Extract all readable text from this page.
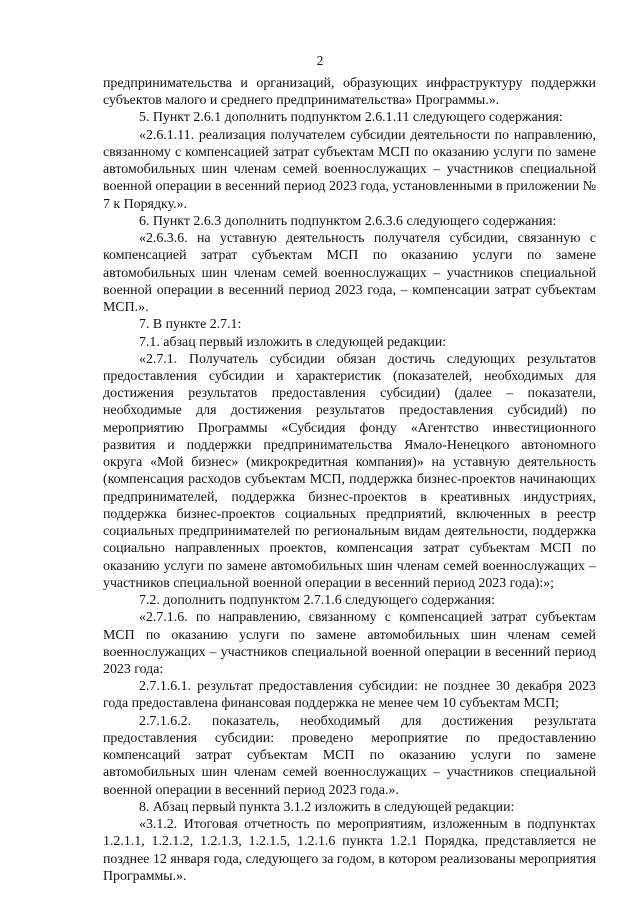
2

предпринимательства и организаций, образующих инфраструктуру поддержки субъектов малого и среднего предпринимательства» Программы.».

5. Пункт 2.6.1 дополнить подпунктом 2.6.1.11 следующего содержания:

«2.6.1.11. реализация получателем субсидии деятельности по направлению, связанному с компенсацией затрат субъектам МСП по оказанию услуги по замене автомобильных шин членам семей военнослужащих – участников специальной военной операции в весенний период 2023 года, установленными в приложении № 7 к Порядку.».

6. Пункт 2.6.3 дополнить подпунктом 2.6.3.6 следующего содержания:

«2.6.3.6. на уставную деятельность получателя субсидии, связанную с компенсацией затрат субъектам МСП по оказанию услуги по замене автомобильных шин членам семей военнослужащих – участников специальной военной операции в весенний период 2023 года, – компенсации затрат субъектам МСП.».

7. В пункте 2.7.1:

7.1. абзац первый изложить в следующей редакции:

«2.7.1. Получатель субсидии обязан достичь следующих результатов предоставления субсидии и характеристик (показателей, необходимых для достижения результатов предоставления субсидии) (далее – показатели, необходимые для достижения результатов предоставления субсидий) по мероприятию Программы «Субсидия фонду «Агентство инвестиционного развития и поддержки предпринимательства Ямало-Ненецкого автономного округа «Мой бизнес» (микрокредитная компания)» на уставную деятельность (компенсация расходов субъектам МСП, поддержка бизнес-проектов начинающих предпринимателей, поддержка бизнес-проектов в креативных индустриях, поддержка бизнес-проектов социальных предприятий, включенных в реестр социальных предпринимателей по региональным видам деятельности, поддержка социально направленных проектов, компенсация затрат субъектам МСП по оказанию услуги по замене автомобильных шин членам семей военнослужащих – участников специальной военной операции в весенний период 2023 года):»;

7.2. дополнить подпунктом 2.7.1.6 следующего содержания:

«2.7.1.6. по направлению, связанному с компенсацией затрат субъектам МСП по оказанию услуги по замене автомобильных шин членам семей военнослужащих – участников специальной военной операции в весенний период 2023 года:

2.7.1.6.1. результат предоставления субсидии: не позднее 30 декабря 2023 года предоставлена финансовая поддержка не менее чем 10 субъектам МСП;

2.7.1.6.2. показатель, необходимый для достижения результата предоставления субсидии: проведено мероприятие по предоставлению компенсаций затрат субъектам МСП по оказанию услуги по замене автомобильных шин членам семей военнослужащих – участников специальной военной операции в весенний период 2023 года.».

8. Абзац первый пункта 3.1.2 изложить в следующей редакции:

«3.1.2. Итоговая отчетность по мероприятиям, изложенным в подпунктах 1.2.1.1, 1.2.1.2, 1.2.1.3, 1.2.1.5, 1.2.1.6 пункта 1.2.1 Порядка, представляется не позднее 12 января года, следующего за годом, в котором реализованы мероприятия Программы.».
